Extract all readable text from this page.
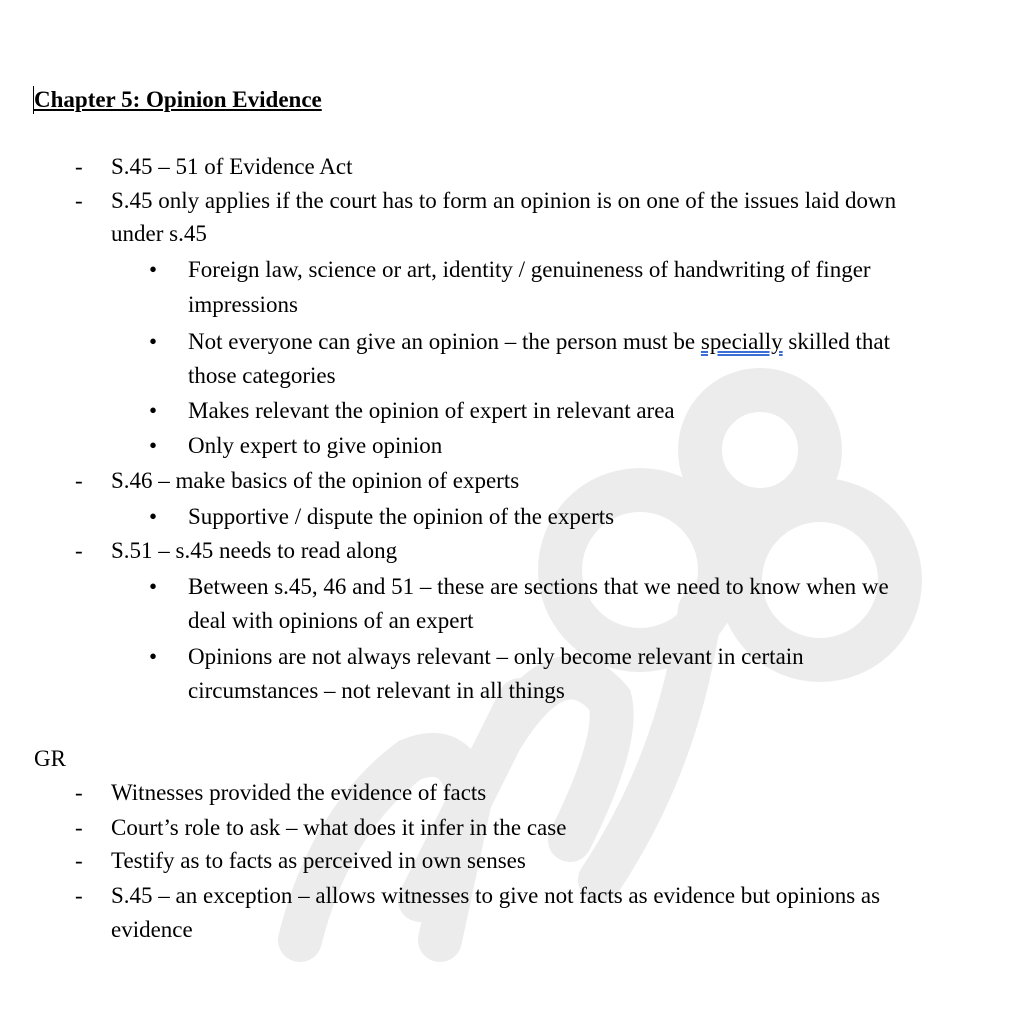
Chapter 5: Opinion Evidence
- S.45 – 51 of Evidence Act
- S.45 only applies if the court has to form an opinion is on one of the issues laid down
under s.45
• Foreign law, science or art, identity / genuineness of handwriting of finger
impressions
• Not everyone can give an opinion – the person must be specially skilled that
those categories
• Makes relevant the opinion of expert in relevant area
• Only expert to give opinion
- S.46 – make basics of the opinion of experts
• Supportive / dispute the opinion of the experts
- S.51 – s.45 needs to read along
• Between s.45, 46 and 51 – these are sections that we need to know when we
deal with opinions of an expert
• Opinions are not always relevant – only become relevant in certain
circumstances – not relevant in all things
GR
- Witnesses provided the evidence of facts
- Court’s role to ask – what does it infer in the case
- Testify as to facts as perceived in own senses
- S.45 – an exception – allows witnesses to give not facts as evidence but opinions as
evidence
